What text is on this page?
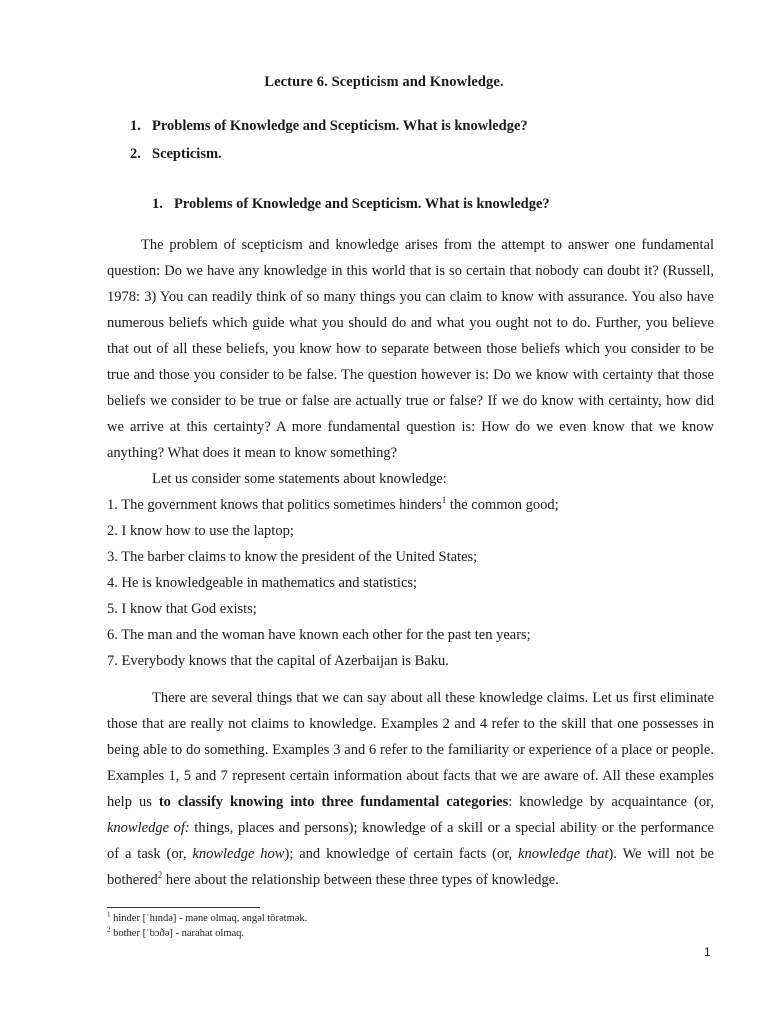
Lecture 6. Scepticism and Knowledge.
1. Problems of Knowledge and Scepticism. What is knowledge?
2. Scepticism.
1. Problems of Knowledge and Scepticism. What is knowledge?
The problem of scepticism and knowledge arises from the attempt to answer one fundamental question: Do we have any knowledge in this world that is so certain that nobody can doubt it? (Russell, 1978: 3) You can readily think of so many things you can claim to know with assurance. You also have numerous beliefs which guide what you should do and what you ought not to do. Further, you believe that out of all these beliefs, you know how to separate between those beliefs which you consider to be true and those you consider to be false. The question however is: Do we know with certainty that those beliefs we consider to be true or false are actually true or false? If we do know with certainty, how did we arrive at this certainty? A more fundamental question is: How do we even know that we know anything? What does it mean to know something?
Let us consider some statements about knowledge:
1. The government knows that politics sometimes hinders$^1$ the common good;
2. I know how to use the laptop;
3. The barber claims to know the president of the United States;
4. He is knowledgeable in mathematics and statistics;
5. I know that God exists;
6. The man and the woman have known each other for the past ten years;
7. Everybody knows that the capital of Azerbaijan is Baku.
There are several things that we can say about all these knowledge claims. Let us first eliminate those that are really not claims to knowledge. Examples 2 and 4 refer to the skill that one possesses in being able to do something. Examples 3 and 6 refer to the familiarity or experience of a place or people. Examples 1, 5 and 7 represent certain information about facts that we are aware of. All these examples help us to classify knowing into three fundamental categories: knowledge by acquaintance (or, knowledge of: things, places and persons); knowledge of a skill or a special ability or the performance of a task (or, knowledge how); and knowledge of certain facts (or, knowledge that). We will not be bothered$^2$ here about the relationship between these three types of knowledge.
$^1$ hinder [ˈhɪndə] - məne olmaq, əngəl törətmək.
$^2$ bother [ˈbɔðə] - narahat olmaq.
1
